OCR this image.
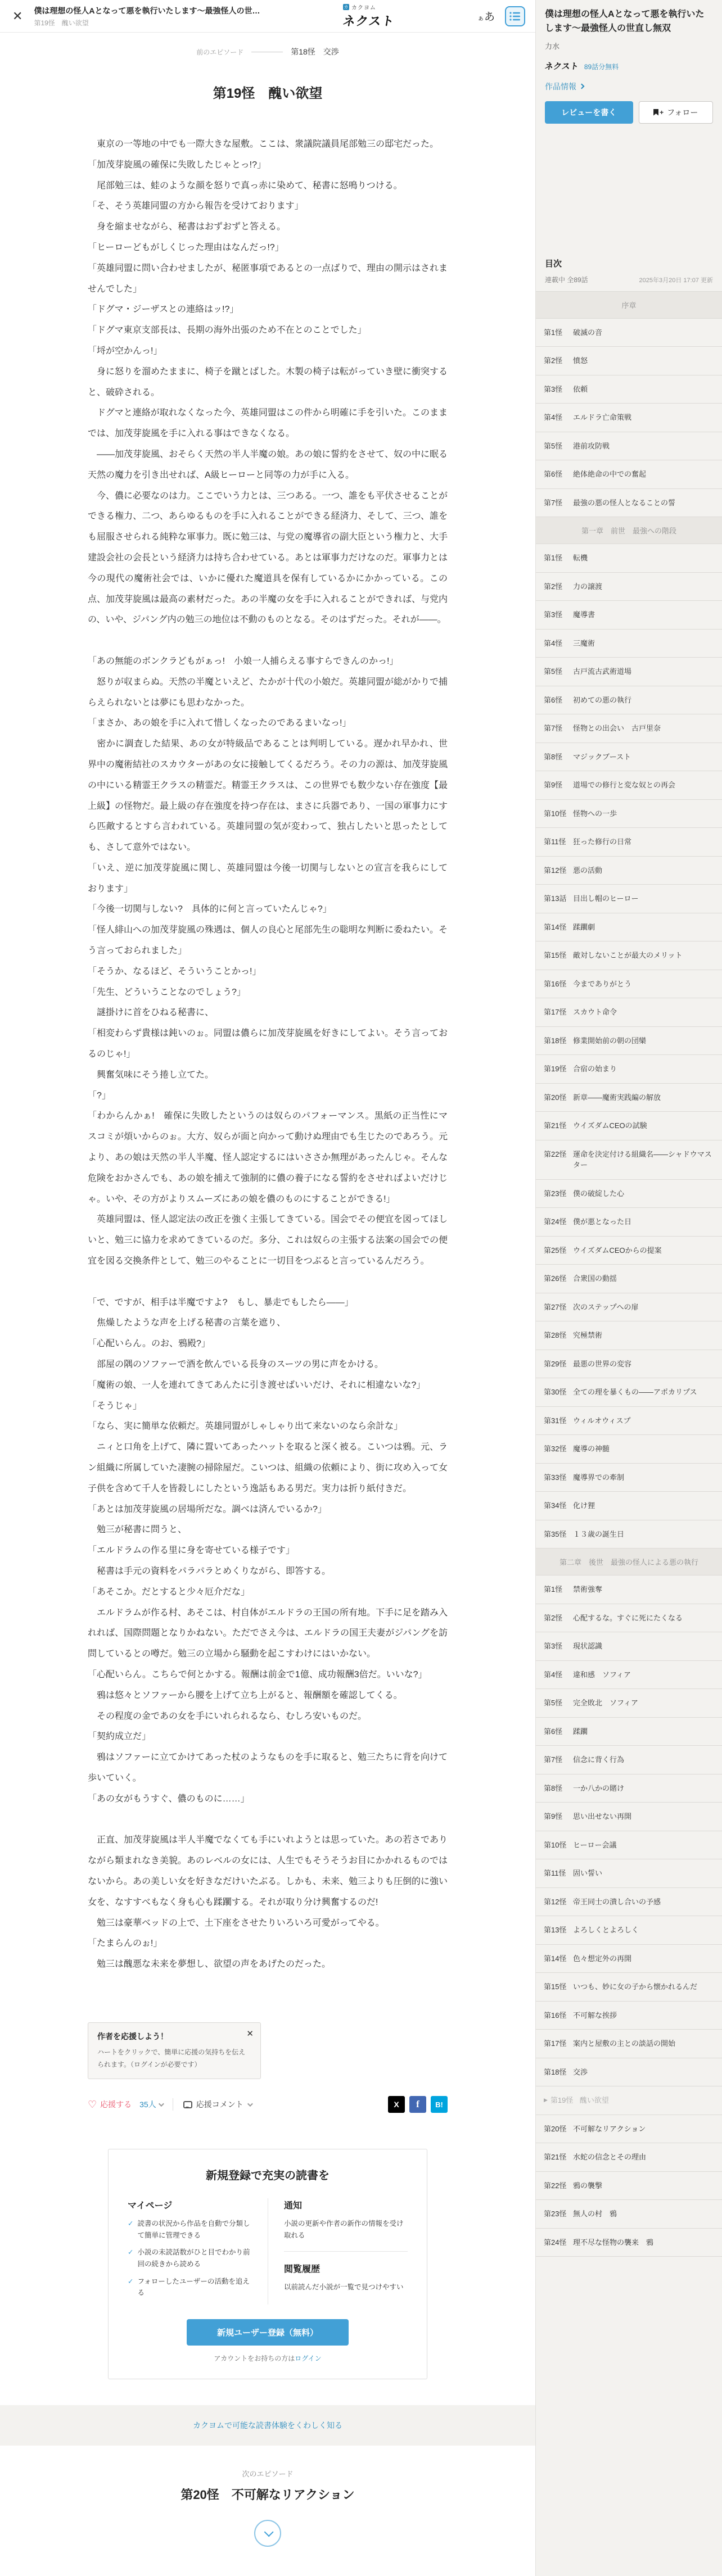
✕ 僕は理想の怪人Aとなって悪を執行いたします～最強怪人の世…
第19怪　醜い欲望
カ カクヨム
ネクスト	ぁあ
前のエピソード	第18怪　交渉
第19怪　醜い欲望

　東京の一等地の中でも一際大きな屋敷。ここは、衆議院議員尾部勉三の邸宅だった。

「加茂芽旋風の確保に失敗したじゃとっ!?」

　尾部勉三は、蛙のような顔を怒りで真っ赤に染めて、秘書に怒鳴りつける。

「そ、そう英雄同盟の方から報告を受けております」

　身を縮ませながら、秘書はおずおずと答える。

「ヒーローどもがしくじった理由はなんだっ!?」

「英雄同盟に問い合わせましたが、秘匿事項であるとの一点ばりで、理由の開示はされませんでした」

「ドグマ・ジーザスとの連絡はッ!?」

「ドグマ東京支部長は、長期の海外出張のため不在とのことでした」

「埒が空かんっ!」

　身に怒りを溜めたままに、椅子を蹴とばした。木製の椅子は転がっていき壁に衝突すると、破砕される。

　ドグマと連絡が取れなくなった今、英雄同盟はこの件から明確に手を引いた。このままでは、加茂芽旋風を手に入れる事はできなくなる。

　――加茂芽旋風、おそらく天然の半人半魔の娘。あの娘に誓約をさせて、奴の中に眠る天然の魔力を引き出せれば、A級ヒーローと同等の力が手に入る。

　今、儂に必要なのは力。ここでいう力とは、三つある。一つ、誰をも平伏させることができる権力、二つ、あらゆるものを手に入れることができる経済力、そして、三つ、誰をも屈服させられる純粋な軍事力。既に勉三は、与党の魔導省の副大臣という権力と、大手建設会社の会長という経済力は持ち合わせている。あとは軍事力だけなのだ。軍事力とは今の現代の魔術社会では、いかに優れた魔道具を保有しているかにかかっている。この点、加茂芽旋風は最高の素材だった。あの半魔の女を手に入れることができれば、与党内の、いや、ジパング内の勉三の地位は不動のものとなる。そのはずだった。それが――。

「あの無能のボンクラどもがぁっ!　小娘一人捕らえる事すらできんのかっ!」

　怒りが収まらぬ。天然の半魔といえど、たかが十代の小娘だ。英雄同盟が総がかりで捕らえられないとは夢にも思わなかった。

「まさか、あの娘を手に入れて惜しくなったのであるまいなっ!」

　密かに調査した結果、あの女が特級品であることは判明している。遅かれ早かれ、世界中の魔術結社のスカウターがあの女に接触してくるだろう。その力の源は、加茂芽旋風の中にいる精霊王クラスの精霊だ。精霊王クラスは、この世界でも数少ない存在強度【最上級】の怪物だ。最上級の存在強度を持つ存在は、まさに兵器であり、一国の軍事力にすら匹敵するとすら言われている。英雄同盟の気が変わって、独占したいと思ったとしても、さして意外ではない。

「いえ、逆に加茂芽旋風に関し、英雄同盟は今後一切関与しないとの宣言を我らにしております」

「今後一切関与しない?　具体的に何と言っていたんじゃ?」

「怪人緋山への加茂芽旋風の殊遇は、個人の良心と尾部先生の聡明な判断に委ねたい。そう言っておられました」

「そうか、なるほど、そういうことかっ!」

「先生、どういうことなのでしょう?」

　謎掛けに首をひねる秘書に、

「相変わらず貴様は鈍いのぉ。同盟は儂らに加茂芽旋風を好きにしてよい。そう言っておるのじゃ!」

　興奮気味にそう捲し立てた。

「?」

「わからんかぁ!　確保に失敗したというのは奴らのパフォーマンス。黒紙の正当性にマスコミが煩いからのぉ。大方、奴らが面と向かって動けぬ理由でも生じたのであろう。元より、あの娘は天然の半人半魔、怪人認定するにはいささか無理があったんじゃ。そんな危険をおかさんでも、あの娘を捕えて強制的に儂の養子になる誓約をさせればよいだけじゃ。いや、その方がよりスムーズにあの娘を儂のものにすることができる!」

　英雄同盟は、怪人認定法の改正を強く主張してきている。国会でその便宜を図ってほしいと、勉三に協力を求めてきているのだ。多分、これは奴らの主張する法案の国会での便宜を図る交換条件として、勉三のやることに一切目をつぶると言っているんだろう。

「で、ですが、相手は半魔ですよ?　もし、暴走でもしたら――」

　焦燥したような声を上げる秘書の言葉を遮り、

「心配いらん。のお、鴉殿?」

　部屋の隅のソファーで酒を飲んでいる長身のスーツの男に声をかける。

「魔術の娘、一人を連れてきてあんたに引き渡せばいいだけ、それに相違ないな?」

「そうじゃ」

「なら、実に簡単な依頼だ。英雄同盟がしゃしゃり出て来ないのなら余計な」

　ニィと口角を上げて、隣に置いてあったハットを取ると深く被る。こいつは鴉。元、ラン組織に所属していた凄腕の掃除屋だ。こいつは、組織の依頼により、街に攻め入って女子供を含めて千人を皆殺しにしたという逸話もある男だ。実力は折り紙付きだ。

「あとは加茂芽旋風の居場所だな。調べは済んでいるか?」

　勉三が秘書に問うと、

「エルドラムの作る里に身を寄せている様子です」

　秘書は手元の資料をパラパラとめくりながら、即答する。

「あそこか。だとすると少々厄介だな」

　エルドラムが作る村、あそこは、村自体がエルドラの王国の所有地。下手に足を踏み入れれば、国際問題となりかねない。ただでさえ今は、エルドラの国王夫妻がジパングを訪問しているとの噂だ。勉三の立場から騒動を起こすわけにはいかない。

「心配いらん。こちらで何とかする。報酬は前金で1億、成功報酬3倍だ。いいな?」

　鴉は悠々とソファーから腰を上げて立ち上がると、報酬額を確認してくる。

　その程度の金であの女を手にいれられるなら、むしろ安いものだ。

「契約成立だ」

　鴉はソファーに立てかけてあった杖のようなものを手に取ると、勉三たちに背を向けて歩いていく。

「あの女がもうすぐ、儂のものに……」

　正直、加茂芽旋風は半人半魔でなくても手にいれようとは思っていた。あの若さでありながら類まれなき美貌。あのレベルの女には、人生でもそうそうお目にかかれるものではないから。あの美しい女を好きなだけいたぶる。しかも、未来、勉三よりも圧倒的に強い女を、なすすべもなく身も心も蹂躙する。それが取り分け興奮するのだ!

　勉三は豪華ベッドの上で、土下座をさせたりいろいろ可愛がってやる。

「たまらんのぉ!」

　勉三は醜悪な未来を夢想し、欲望の声をあげたのだった。

✕
作者を応援しよう！
ハートをクリックで、簡単に応援の気持ちを伝えられます。（ログインが必要です）
♡ 応援する 35人	応援コメント	X	f	B!
新規登録で充実の読書を
マイページ
✓ 読書の状況から作品を自動で分類して簡単に管理できる
✓ 小説の未読話数がひと目でわかり前回の続きから読める
✓ フォローしたユーザーの活動を追える
通知
小説の更新や作者の新作の情報を受け取れる
閲覧履歴
以前読んだ小説が一覧で見つけやすい
新規ユーザー登録（無料）
アカウントをお持ちの方はログイン
カクヨムで可能な読書体験をくわしく知る
次のエピソード
第20怪　不可解なリアクション
僕は理想の怪人Aとなって悪を執行いたします～最強怪人の世直し無双
力水
ネクスト 89話分無料
作品情報
レビューを書く	+ フォロー
目次
連載中 全89話	2025年3月20日 17:07 更新
序章
第1怪	破滅の音
第2怪	憤怒
第3怪	依頼
第4怪	エルドラ亡命策戦
第5怪	港前攻防戦
第6怪	絶体絶命の中での奮起
第7怪	最強の悪の怪人となることの誓
第一章　前世　最強への階段
第1怪	転機
第2怪	力の譲渡
第3怪	魔導書
第4怪	三魔術
第5怪	古戸流古武術道場
第6怪	初めての悪の執行
第7怪	怪物との出会い　古戸里奈
第8怪	マジックブースト
第9怪	道場での修行と変な奴との再会
第10怪 怪物への一歩
第11怪 狂った修行の日常
第12怪 悪の活動
第13話 目出し帽のヒーロー
第14怪 蹂躙劇
第15怪 敵対しないことが最大のメリット
第16怪 今までありがとう
第17怪 スカウト命令
第18怪 修業開始前の朝の団欒
第19怪 合宿の始まり
第20怪 新章――魔術実践編の解放
第21怪 ウイズダムCEOの試験
第22怪 運命を決定付ける組織名――シャドウマスター
第23怪 僕の破綻した心
第24怪 僕が悪となった日
第25怪 ウイズダムCEOからの提案
第26怪 合衆国の動揺
第27怪 次のステップへの扉
第28怪 究極禁術
第29怪 最悪の世界の変容
第30怪 全ての理を暴くもの――アポカリプス
第31怪 ウィルオウィスプ
第32怪 魔導の神髄
第33怪 魔導界での牽制
第34怪 化け狸
第35怪 １３歳の誕生日
第二章　後世　最強の怪人による悪の執行
第1怪	禁術強奪
第2怪	心配するな。すぐに死にたくなる
第3怪	現状認識
第4怪	違和感　ソフィア
第5怪	完全敗北　ソフィア
第6怪	蹂躙
第7怪	信念に背く行為
第8怪	一か八かの賭け
第9怪	思い出せない再開
第10怪 ヒーロー会議
第11怪 固い誓い
第12怪 帝王同士の潰し合いの予感
第13怪 よろしくとよろしく
第14怪 色々想定外の再開
第15怪 いつも、妙に女の子から懐かれるんだ
第16怪 不可解な挨拶
第17怪 案内と屋敷の主との談話の開始
第18怪 交渉
▶ 第19怪 醜い欲望
第20怪 不可解なリアクション
第21怪 水蛇の信念とその理由
第22怪 鴉の襲撃
第23怪 無人の村　鴉
第24怪 理不尽な怪物の襲来　鴉
